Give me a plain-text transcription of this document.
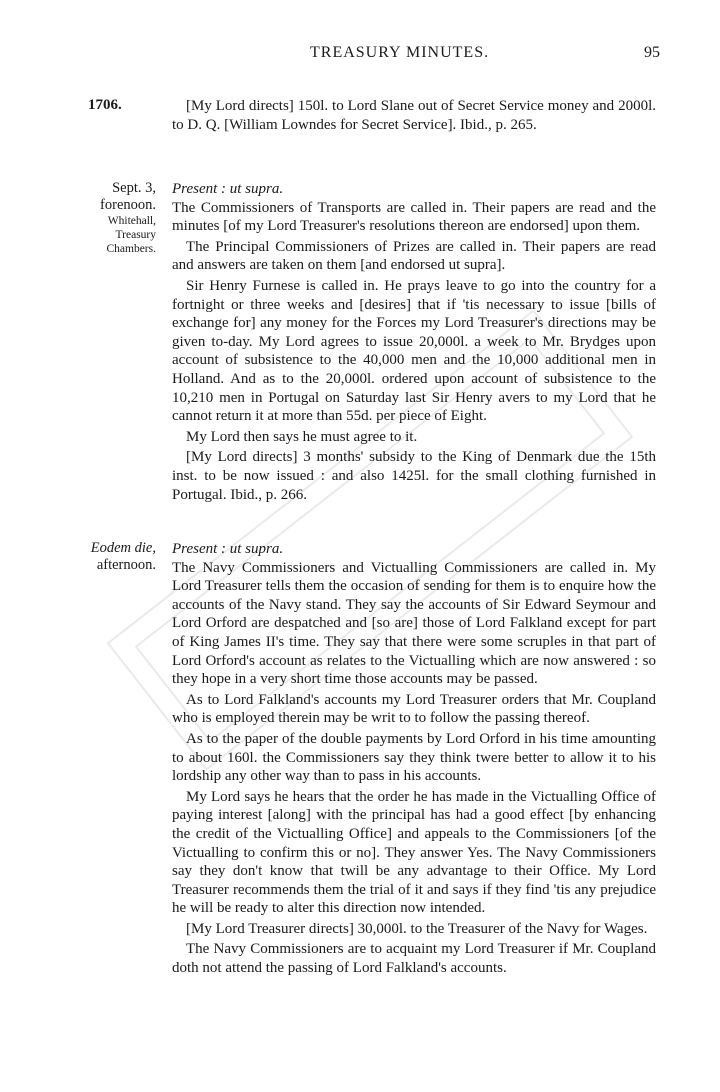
TREASURY MINUTES.	95
1706.	[My Lord directs] 150l. to Lord Slane out of Secret Service money and 2000l. to D. Q. [William Lowndes for Secret Service]. Ibid., p. 265.

Sept. 3,
forenoon.
Whitehall,
Treasury
Chambers.

Present : ut supra.

The Commissioners of Transports are called in. Their papers are read and the minutes [of my Lord Treasurer's resolutions thereon are endorsed] upon them.

The Principal Commissioners of Prizes are called in. Their papers are read and answers are taken on them [and endorsed ut supra].

Sir Henry Furnese is called in. He prays leave to go into the country for a fortnight or three weeks and [desires] that if 'tis necessary to issue [bills of exchange for] any money for the Forces my Lord Treasurer's directions may be given to-day. My Lord agrees to issue 20,000l. a week to Mr. Brydges upon account of subsistence to the 40,000 men and the 10,000 additional men in Holland. And as to the 20,000l. ordered upon account of subsistence to the 10,210 men in Portugal on Saturday last Sir Henry avers to my Lord that he cannot return it at more than 55d. per piece of Eight.

My Lord then says he must agree to it.

[My Lord directs] 3 months' subsidy to the King of Denmark due the 15th inst. to be now issued : and also 1425l. for the small clothing furnished in Portugal. Ibid., p. 266.

Eodem die,
afternoon.

Present : ut supra.

The Navy Commissioners and Victualling Commissioners are called in. My Lord Treasurer tells them the occasion of sending for them is to enquire how the accounts of the Navy stand. They say the accounts of Sir Edward Seymour and Lord Orford are despatched and [so are] those of Lord Falkland except for part of King James II's time. They say that there were some scruples in that part of Lord Orford's account as relates to the Victualling which are now answered : so they hope in a very short time those accounts may be passed.

As to Lord Falkland's accounts my Lord Treasurer orders that Mr. Coupland who is employed therein may be writ to to follow the passing thereof.

As to the paper of the double payments by Lord Orford in his time amounting to about 160l. the Commissioners say they think twere better to allow it to his lordship any other way than to pass in his accounts.

My Lord says he hears that the order he has made in the Victualling Office of paying interest [along] with the principal has had a good effect [by enhancing the credit of the Victualling Office] and appeals to the Commissioners [of the Victualling to confirm this or no]. They answer Yes. The Navy Commissioners say they don't know that twill be any advantage to their Office. My Lord Treasurer recommends them the trial of it and says if they find 'tis any prejudice he will be ready to alter this direction now intended.

[My Lord Treasurer directs] 30,000l. to the Treasurer of the Navy for Wages.

The Navy Commissioners are to acquaint my Lord Treasurer if Mr. Coupland doth not attend the passing of Lord Falkland's accounts.
